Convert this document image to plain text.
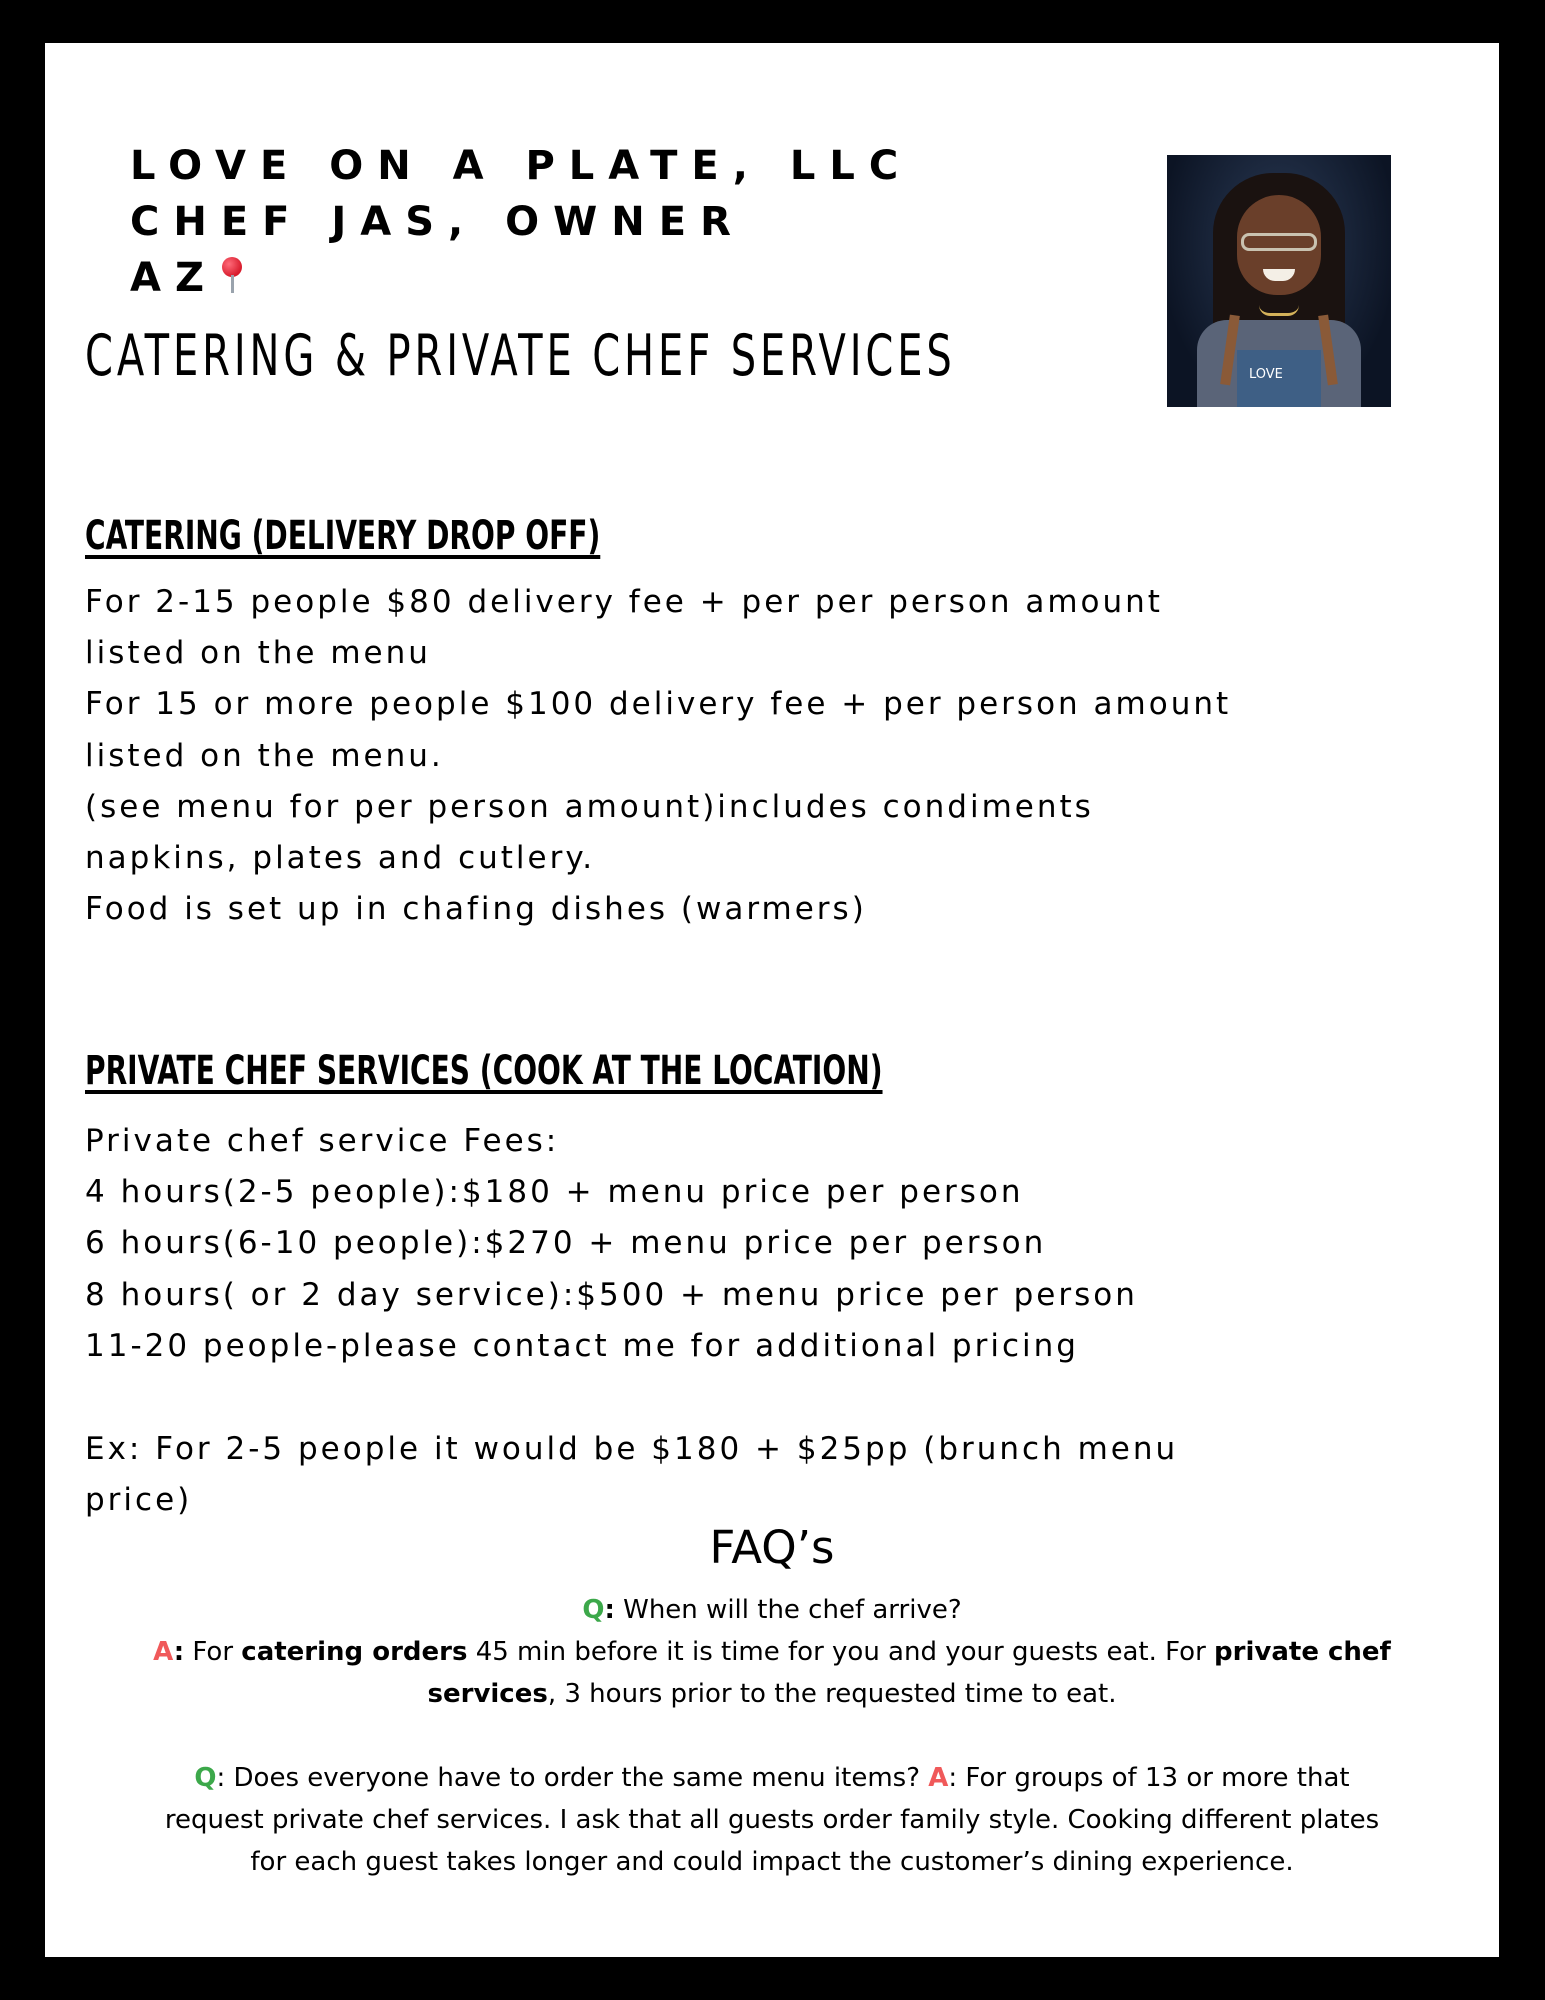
LOVE ON A PLATE, LLC
CHEF JAS, OWNER
AZ
CATERING & PRIVATE CHEF SERVICES	LOVE
CATERING (DELIVERY DROP OFF)
For 2-15 people $80 delivery fee + per per person amount
listed on the menu
For 15 or more people $100 delivery fee + per person amount
listed on the menu.
(see menu for per person amount)includes condiments
napkins, plates and cutlery.
Food is set up in chafing dishes (warmers)
PRIVATE CHEF SERVICES (COOK AT THE LOCATION)
Private chef service Fees:
4 hours(2-5 people):$180 + menu price per person
6 hours(6-10 people):$270 + menu price per person
8 hours( or 2 day service):$500 + menu price per person
11-20 people-please contact me for additional pricing
Ex: For 2-5 people it would be $180 + $25pp (brunch menu
price)
FAQ’s
Q: When will the chef arrive?
A: For catering orders 45 min before it is time for you and your guests eat. For private chef services, 3 hours prior to the requested time to eat.
Q: Does everyone have to order the same menu items? A: For groups of 13 or more that request private chef services. I ask that all guests order family style. Cooking different plates for each guest takes longer and could impact the customer’s dining experience.
